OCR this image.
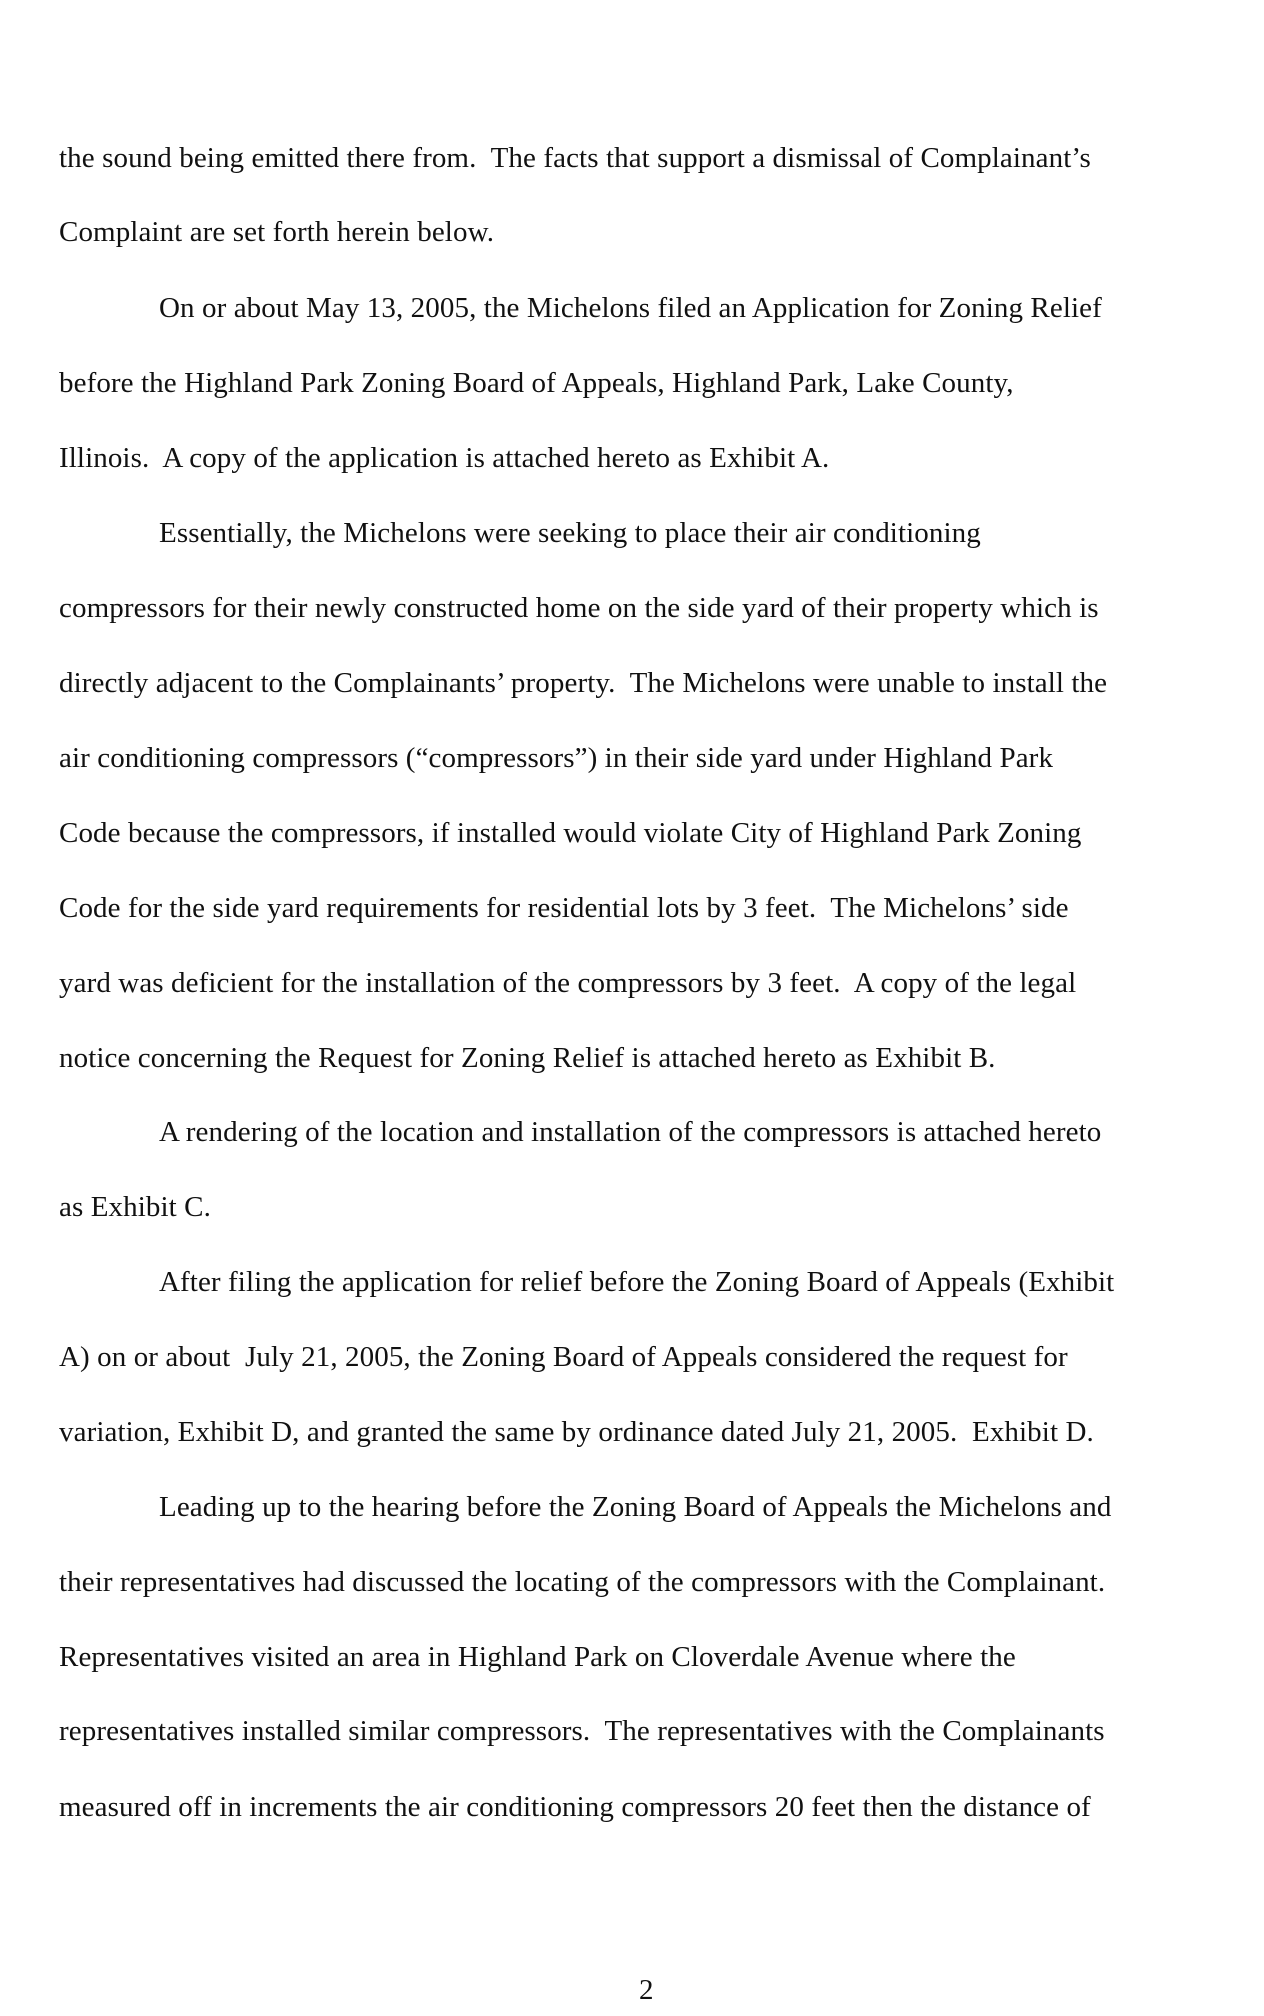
the sound being emitted there from.  The facts that support a dismissal of Complainant’s

Complaint are set forth herein below.

On or about May 13, 2005, the Michelons filed an Application for Zoning Relief

before the Highland Park Zoning Board of Appeals, Highland Park, Lake County,

Illinois.  A copy of the application is attached hereto as Exhibit A.

Essentially, the Michelons were seeking to place their air conditioning

compressors for their newly constructed home on the side yard of their property which is

directly adjacent to the Complainants’ property.  The Michelons were unable to install the

air conditioning compressors (“compressors”) in their side yard under Highland Park

Code because the compressors, if installed would violate City of Highland Park Zoning

Code for the side yard requirements for residential lots by 3 feet.  The Michelons’ side

yard was deficient for the installation of the compressors by 3 feet.  A copy of the legal

notice concerning the Request for Zoning Relief is attached hereto as Exhibit B.

A rendering of the location and installation of the compressors is attached hereto

as Exhibit C.

After filing the application for relief before the Zoning Board of Appeals (Exhibit

A) on or about  July 21, 2005, the Zoning Board of Appeals considered the request for

variation, Exhibit D, and granted the same by ordinance dated July 21, 2005.  Exhibit D.

Leading up to the hearing before the Zoning Board of Appeals the Michelons and

their representatives had discussed the locating of the compressors with the Complainant.

Representatives visited an area in Highland Park on Cloverdale Avenue where the

representatives installed similar compressors.  The representatives with the Complainants

measured off in increments the air conditioning compressors 20 feet then the distance of

2
